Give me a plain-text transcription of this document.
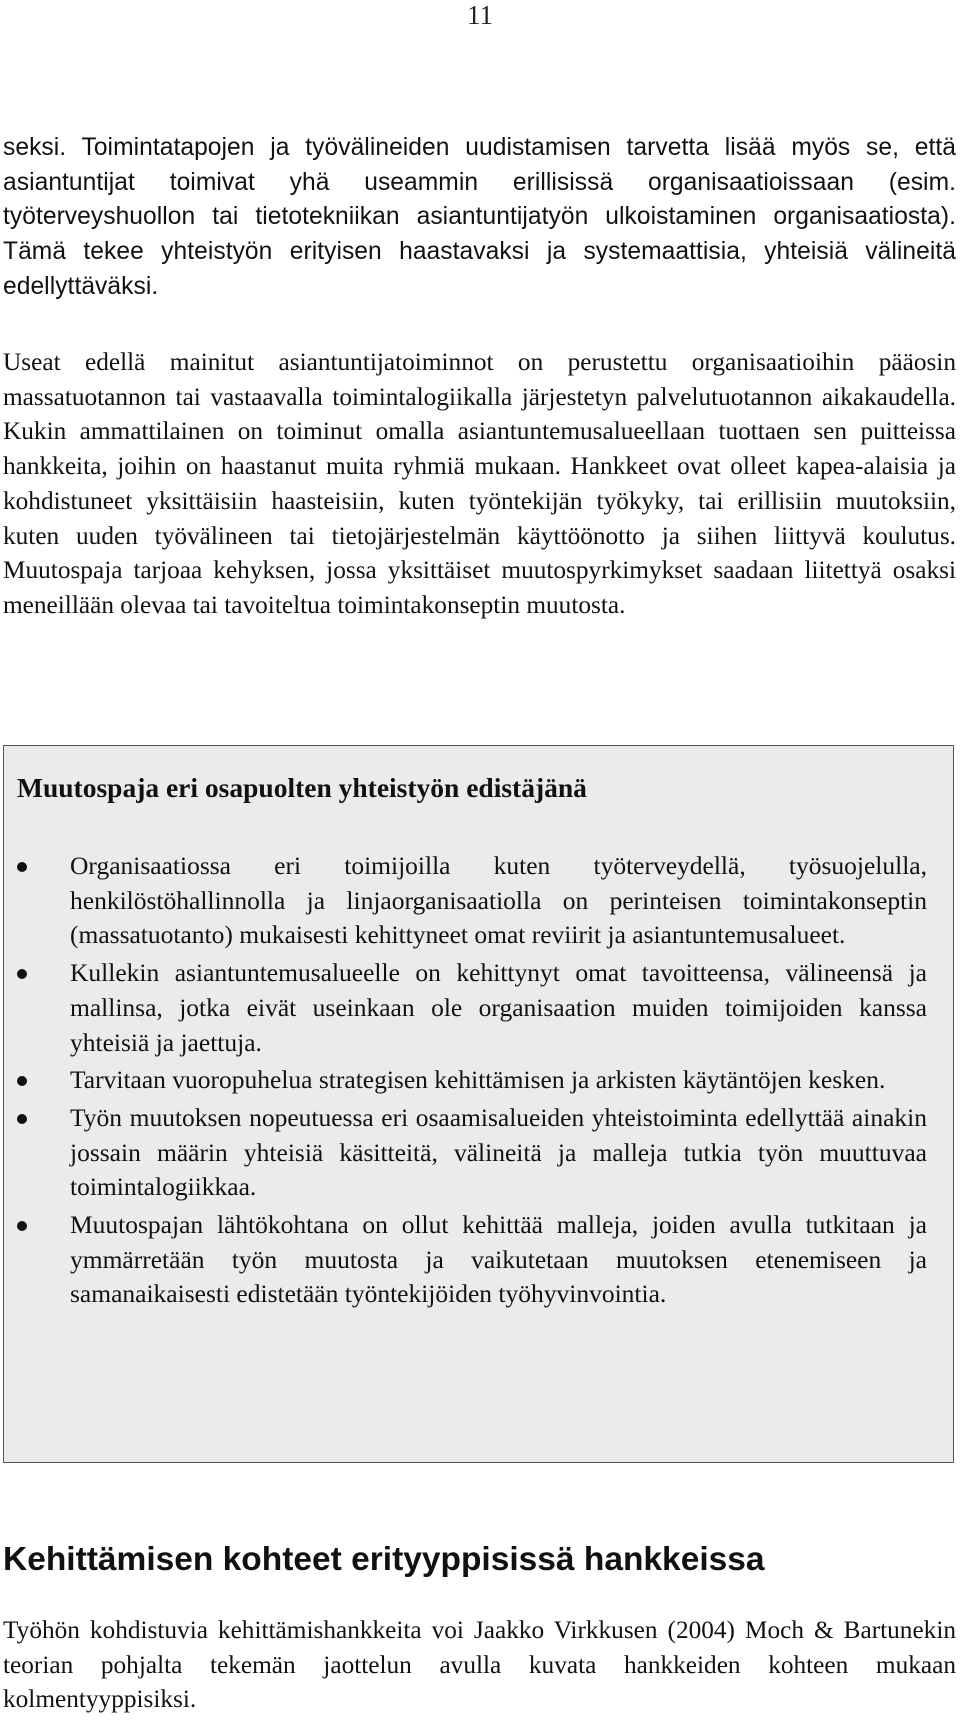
11

seksi. Toimintatapojen ja työvälineiden uudistamisen tarvetta lisää myös se, että asiantuntijat toimivat yhä useammin erillisissä organisaatioissaan (esim. työterveyshuollon tai tietotekniikan asiantuntijatyön ulkoistaminen organisaatiosta). Tämä tekee yhteistyön erityisen haastavaksi ja systemaattisia, yhteisiä välineitä edellyttäväksi.

Useat edellä mainitut asiantuntijatoiminnot on perustettu organisaatioihin pääosin massatuotannon tai vastaavalla toimintalogiikalla järjestetyn palvelutuotannon aikakaudella. Kukin ammattilainen on toiminut omalla asiantuntemusalueellaan tuottaen sen puitteissa hankkeita, joihin on haastanut muita ryhmiä mukaan. Hankkeet ovat olleet kapea-alaisia ja kohdistuneet yksittäisiin haasteisiin, kuten työntekijän työkyky, tai erillisiin muutoksiin, kuten uuden työvälineen tai tietojärjestelmän käyttöönotto ja siihen liittyvä koulutus. Muutospaja tarjoaa kehyksen, jossa yksittäiset muutospyrkimykset saadaan liitettyä osaksi meneillään olevaa tai tavoiteltua toimintakonseptin muutosta.

Muutospaja eri osapuolten yhteistyön edistäjänä
Organisaatiossa eri toimijoilla kuten työterveydellä, työsuojelulla, henkilöstöhallinnolla ja linjaorganisaatiolla on perinteisen toimintakonseptin (massatuotanto) mukaisesti kehittyneet omat reviirit ja asiantuntemusalueet.
Kullekin asiantuntemusalueelle on kehittynyt omat tavoitteensa, välineensä ja mallinsa, jotka eivät useinkaan ole organisaation muiden toimijoiden kanssa yhteisiä ja jaettuja.
Tarvitaan vuoropuhelua strategisen kehittämisen ja arkisten käytäntöjen kesken.
Työn muutoksen nopeutuessa eri osaamisalueiden yhteistoiminta edellyttää ainakin jossain määrin yhteisiä käsitteitä, välineitä ja malleja tutkia työn muuttuvaa toimintalogiikkaa.
Muutospajan lähtökohtana on ollut kehittää malleja, joiden avulla tutkitaan ja ymmärretään työn muutosta ja vaikutetaan muutoksen etenemiseen ja samanaikaisesti edistetään työntekijöiden työhyvinvointia.
Kehittämisen kohteet erityyppisissä hankkeissa

Työhön kohdistuvia kehittämishankkeita voi Jaakko Virkkusen (2004) Moch & Bartunekin teorian pohjalta tekemän jaottelun avulla kuvata hankkeiden kohteen mukaan kolmentyyppisiksi.
